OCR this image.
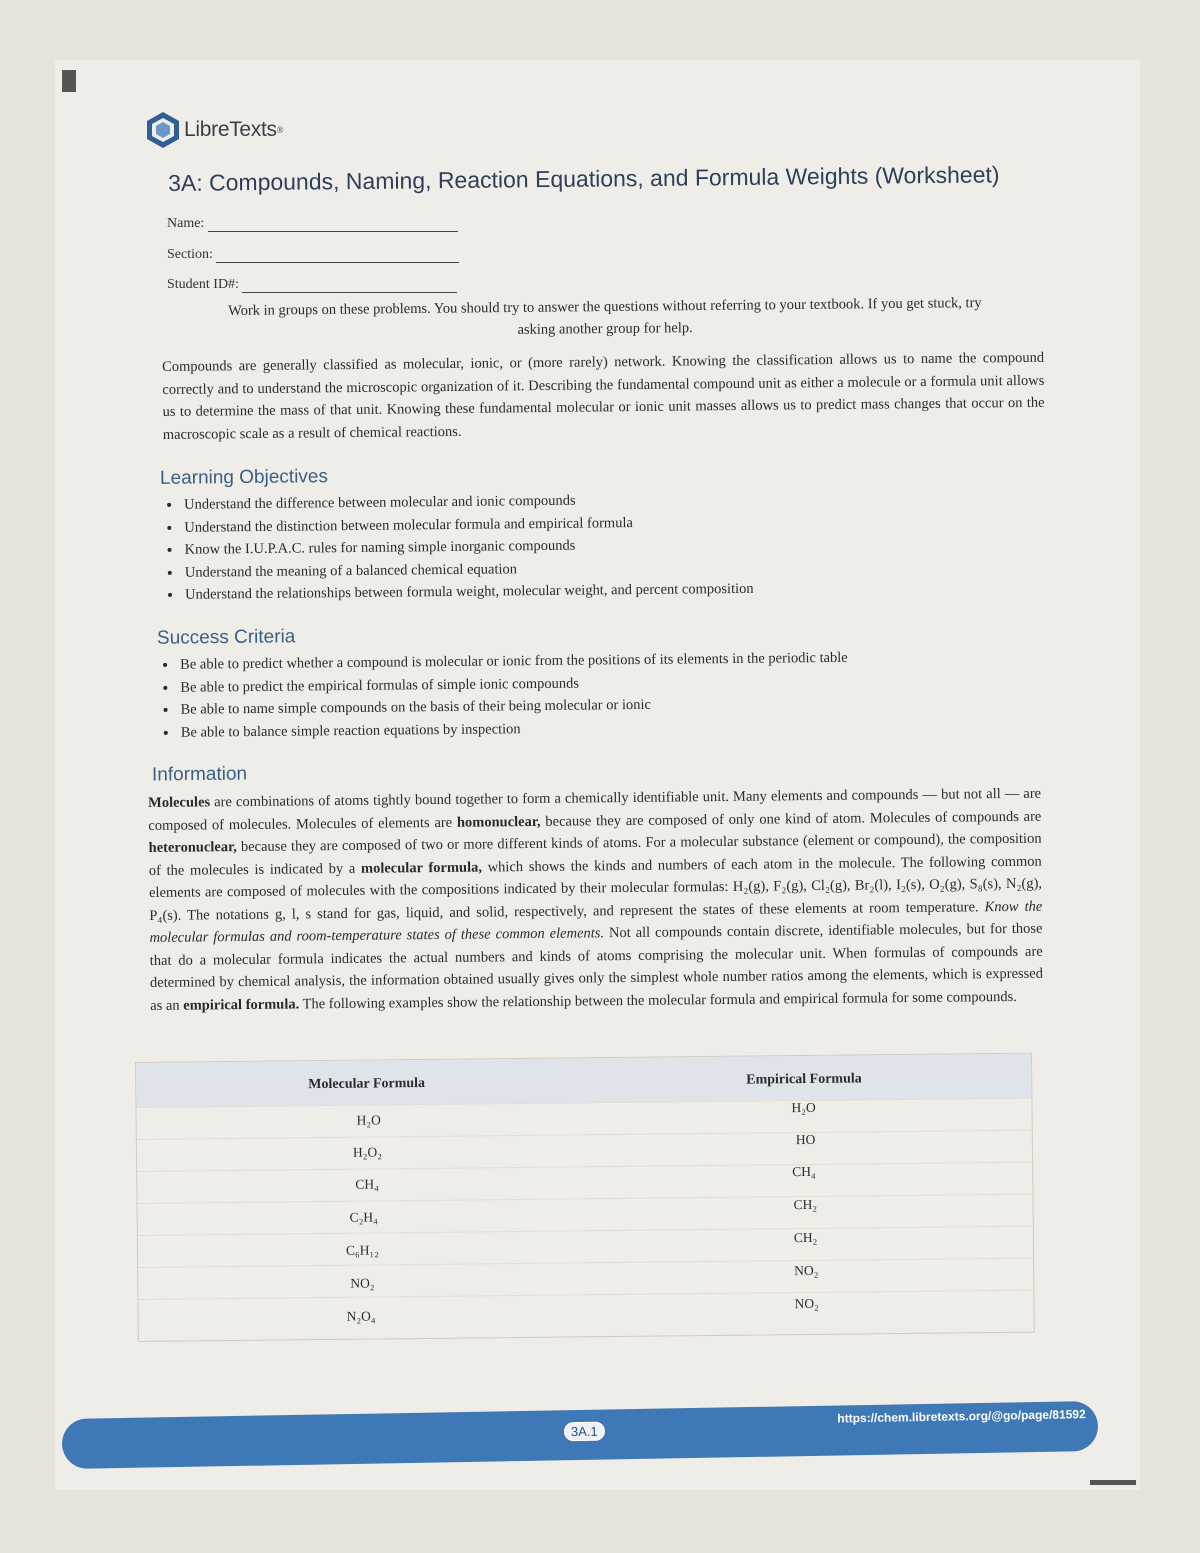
LibreTexts ®
3A: Compounds, Naming, Reaction Equations, and Formula Weights (Worksheet)
Name:
Section:
Student ID#:
Work in groups on these problems. You should try to answer the questions without referring to your textbook. If you get stuck, try
asking another group for help.
Compounds are generally classified as molecular, ionic, or (more rarely) network. Knowing the classification allows us to name the compound correctly and to understand the microscopic organization of it. Describing the fundamental compound unit as either a molecule or a formula unit allows us to determine the mass of that unit. Knowing these fundamental molecular or ionic unit masses allows us to predict mass changes that occur on the macroscopic scale as a result of chemical reactions.
Learning Objectives
• Understand the difference between molecular and ionic compounds
• Understand the distinction between molecular formula and empirical formula
• Know the I.U.P.A.C. rules for naming simple inorganic compounds
• Understand the meaning of a balanced chemical equation
• Understand the relationships between formula weight, molecular weight, and percent composition
Success Criteria
• Be able to predict whether a compound is molecular or ionic from the positions of its elements in the periodic table
• Be able to predict the empirical formulas of simple ionic compounds
• Be able to name simple compounds on the basis of their being molecular or ionic
• Be able to balance simple reaction equations by inspection
Information
Molecules are combinations of atoms tightly bound together to form a chemically identifiable unit. Many elements and compounds — but not all — are composed of molecules. Molecules of elements are homonuclear, because they are composed of only one kind of atom. Molecules of compounds are heteronuclear, because they are composed of two or more different kinds of atoms. For a molecular substance (element or compound), the composition of the molecules is indicated by a molecular formula, which shows the kinds and numbers of each atom in the molecule. The following common elements are composed of molecules with the compositions indicated by their molecular formulas: H₂(g), F₂(g), Cl₂(g), Br₂(l), I₂(s), O₂(g), S₈(s), N₂(g), P₄(s). The notations g, l, s stand for gas, liquid, and solid, respectively, and represent the states of these elements at room temperature. Know the molecular formulas and room-temperature states of these common elements. Not all compounds contain discrete, identifiable molecules, but for those that do a molecular formula indicates the actual numbers and kinds of atoms comprising the molecular unit. When formulas of compounds are determined by chemical analysis, the information obtained usually gives only the simplest whole number ratios among the elements, which is expressed as an empirical formula. The following examples show the relationship between the molecular formula and empirical formula for some compounds.
Molecular Formula	Empirical Formula
H₂O
H₂O
H₂O₂
HO
CH₄
CH₄
C₂H₄
CH₂
C₆H₁₂
CH₂
NO₂
NO₂
N₂O₄
NO₂
3A.1
https://chem.libretexts.org/@go/page/81592
